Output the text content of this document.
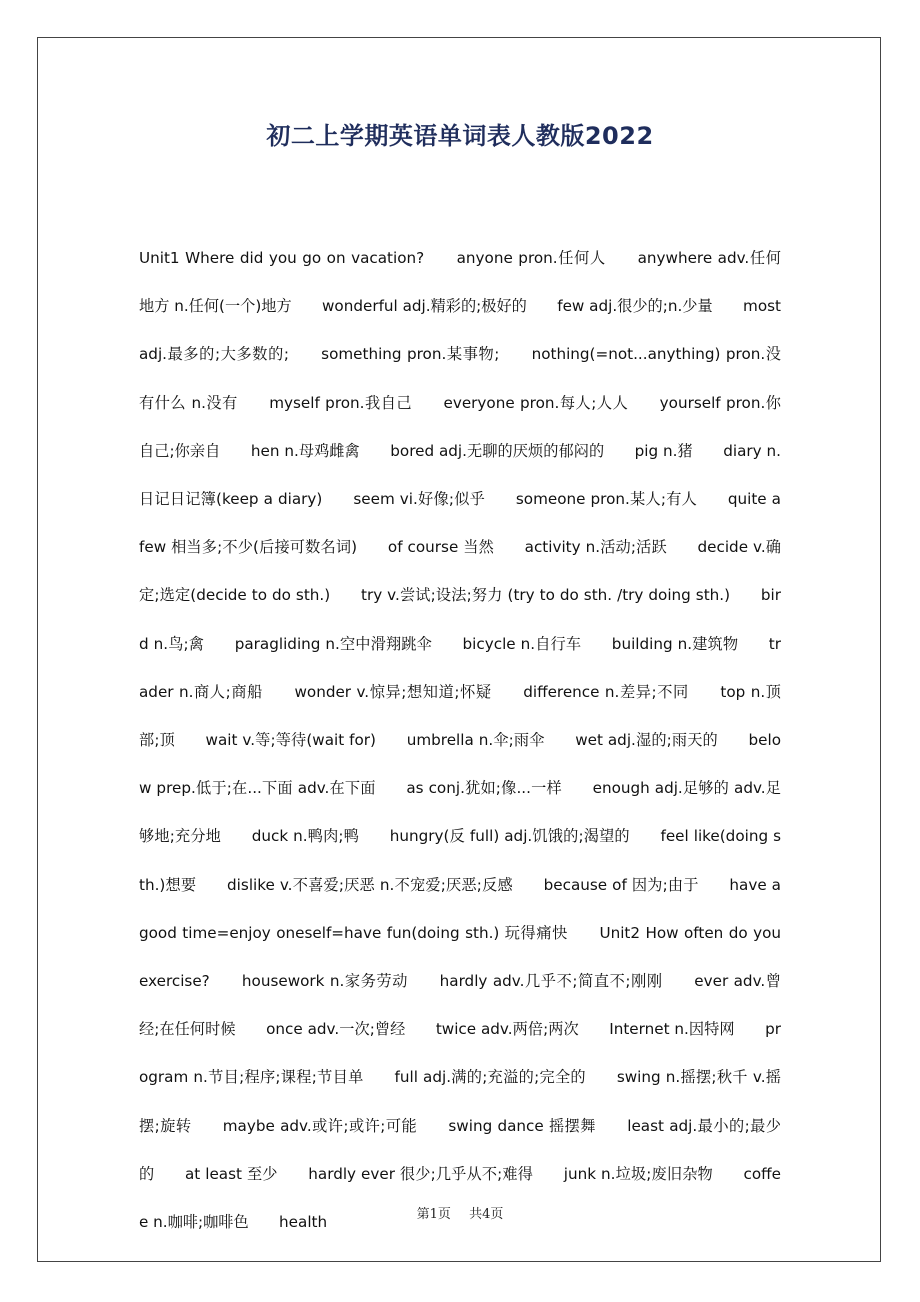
初二上学期英语单词表人教版2022

Unit1 Where did you go on vacation?　　anyone pron.任何人　　anywhere adv.任何地方 n.任何(一个)地方　　wonderful adj.精彩的;极好的　　few adj.很少的;n.少量　　most adj.最多的;大多数的;　　something pron.某事物;　　nothing(=not...anything) pron.没有什么 n.没有　　myself pron.我自己　　everyone pron.每人;人人　　yourself pron.你自己;你亲自　　hen n.母鸡雌禽　　bored adj.无聊的厌烦的郁闷的　　pig n.猪　　diary n.日记日记簿(keep a diary)　　seem vi.好像;似乎　　someone pron.某人;有人　　quite a few 相当多;不少(后接可数名词)　　of course 当然　　activity n.活动;活跃　　decide v.确定;选定(decide to do sth.)　　try v.尝试;设法;努力 (try to do sth. /try doing sth.)　　bird n.鸟;禽　　paragliding n.空中滑翔跳伞　　bicycle n.自行车　　building n.建筑物　　trader n.商人;商船　　wonder v.惊异;想知道;怀疑　　difference n.差异;不同　　top n.顶部;顶　　wait v.等;等待(wait for)　　umbrella n.伞;雨伞　　wet adj.湿的;雨天的　　below prep.低于;在...下面 adv.在下面　　as conj.犹如;像...一样　　enough adj.足够的 adv.足够地;充分地　　duck n.鸭肉;鸭　　hungry(反 full) adj.饥饿的;渴望的　　feel like(doing sth.)想要　　dislike v.不喜爱;厌恶 n.不宠爱;厌恶;反感　　because of 因为;由于　　have a good time=enjoy oneself=have fun(doing sth.) 玩得痛快　　Unit2 How often do you exercise?　　housework n.家务劳动　　hardly adv.几乎不;简直不;刚刚　　ever adv.曾经;在任何时候　　once adv.一次;曾经　　twice adv.两倍;两次　　Internet n.因特网　　program n.节目;程序;课程;节目单　　full adj.满的;充溢的;完全的　　swing n.摇摆;秋千 v.摇摆;旋转　　maybe adv.或许;或许;可能　　swing dance 摇摆舞　　least adj.最小的;最少的　　at least 至少　　hardly ever 很少;几乎从不;难得　　junk n.垃圾;废旧杂物　　coffee n.咖啡;咖啡色　　health	第1页 共4页
